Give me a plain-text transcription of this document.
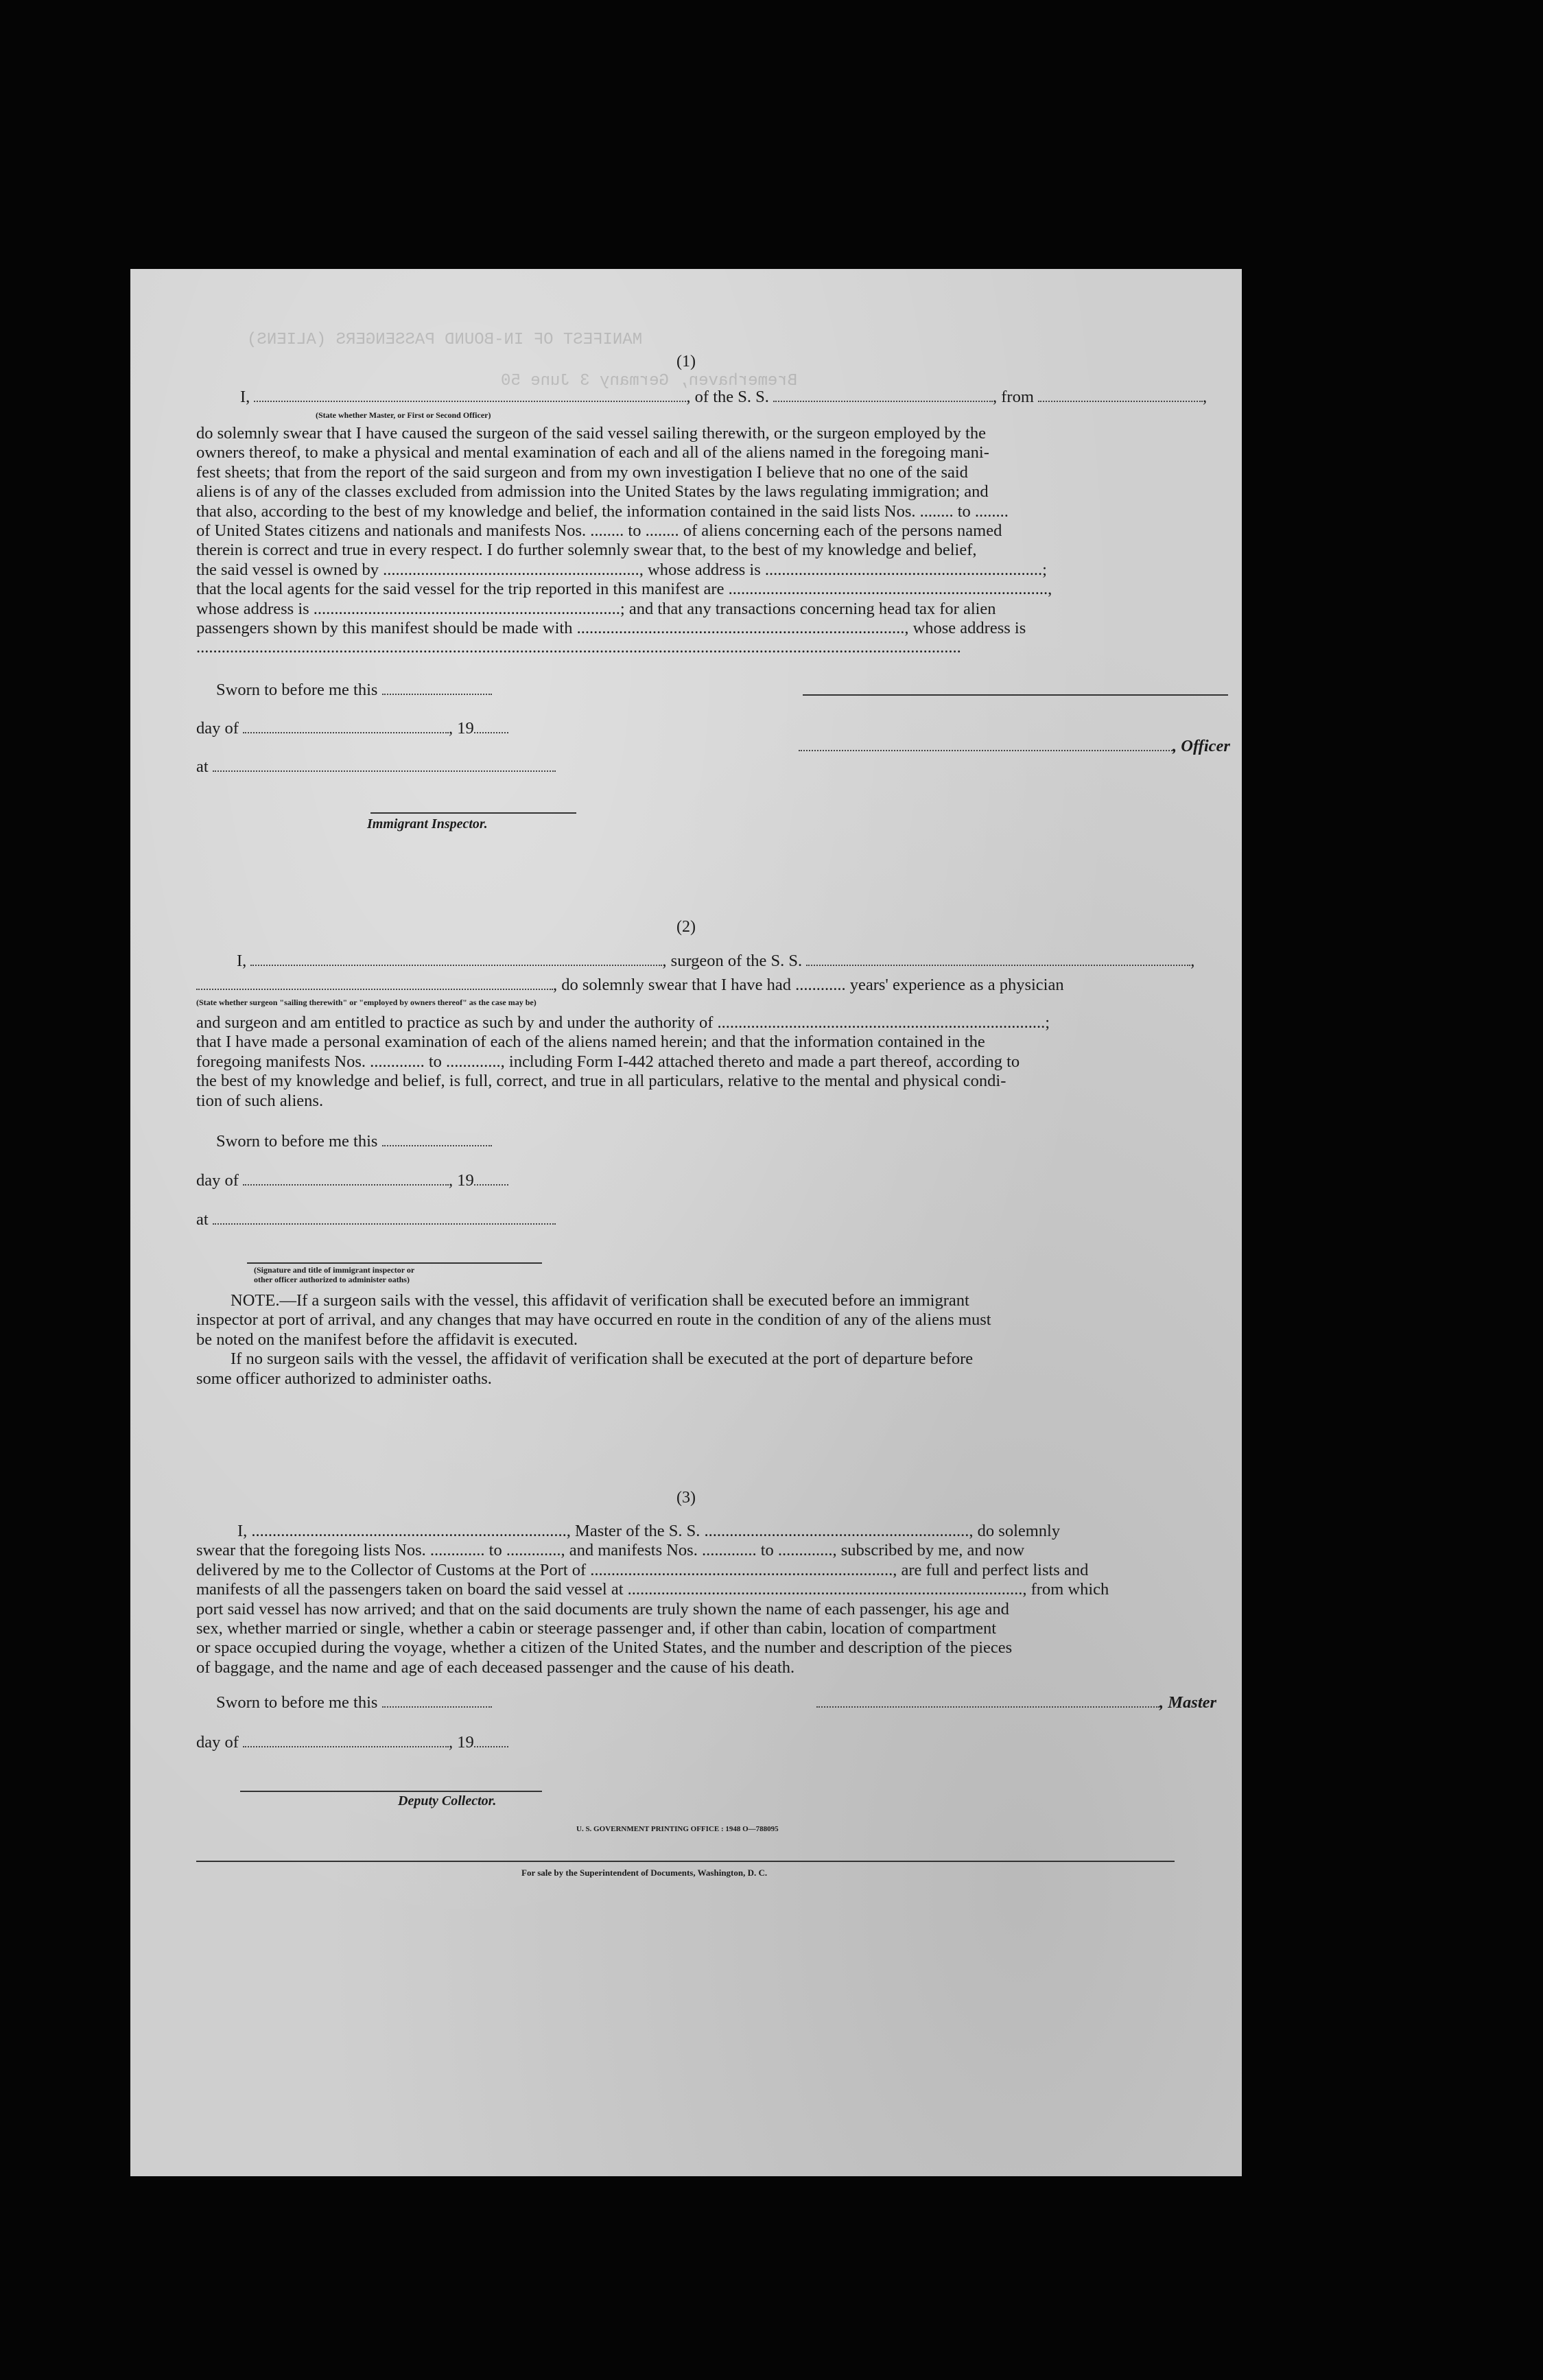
MANIFEST OF IN-BOUND PASSENGERS (ALIENS)
Bremerhaven, Germany 3 June 50
(1)
I,	, of the S. S.	, from	,
(State whether Master, or First or Second Officer)
do solemnly swear that I have caused the surgeon of the said vessel sailing therewith, or the surgeon employed by the
owners thereof, to make a physical and mental examination of each and all of the aliens named in the foregoing mani-
fest sheets; that from the report of the said surgeon and from my own investigation I believe that no one of the said
aliens is of any of the classes excluded from admission into the United States by the laws regulating immigration; and
that also, according to the best of my knowledge and belief, the information contained in the said lists Nos. ........ to ........
of United States citizens and nationals and manifests Nos. ........ to ........ of aliens concerning each of the persons named
therein is correct and true in every respect. I do further solemnly swear that, to the best of my knowledge and belief,
the said vessel is owned by ............................................................., whose address is ..................................................................;
that the local agents for the said vessel for the trip reported in this manifest are ............................................................................,
whose address is .........................................................................; and that any transactions concerning head tax for alien
passengers shown by this manifest should be made with .............................................................................., whose address is
......................................................................................................................................................................................
Sworn to before me this
day of	, 19
at
Immigrant Inspector.
, Officer
(2)
I,	, surgeon of the S. S.	,
, do solemnly swear that I have had ............ years' experience as a physician
(State whether surgeon "sailing therewith" or "employed by owners thereof" as the case may be)
and surgeon and am entitled to practice as such by and under the authority of ..............................................................................;
that I have made a personal examination of each of the aliens named herein; and that the information contained in the
foregoing manifests Nos. ............. to ............., including Form I-442 attached thereto and made a part thereof, according to
the best of my knowledge and belief, is full, correct, and true in all particulars, relative to the mental and physical condi-
tion of such aliens.
Sworn to before me this
day of	, 19
at
(Signature and title of immigrant inspector or
other officer authorized to administer oaths)
NOTE.—If a surgeon sails with the vessel, this affidavit of verification shall be executed before an immigrant
inspector at port of arrival, and any changes that may have occurred en route in the condition of any of the aliens must
be noted on the manifest before the affidavit is executed.
If no surgeon sails with the vessel, the affidavit of verification shall be executed at the port of departure before
some officer authorized to administer oaths.
(3)
I, ..........................................................................., Master of the S. S. ..............................................................., do solemnly
swear that the foregoing lists Nos. ............. to ............., and manifests Nos. ............. to ............., subscribed by me, and now
delivered by me to the Collector of Customs at the Port of ........................................................................, are full and perfect lists and
manifests of all the passengers taken on board the said vessel at .............................................................................................., from which
port said vessel has now arrived; and that on the said documents are truly shown the name of each passenger, his age and
sex, whether married or single, whether a cabin or steerage passenger and, if other than cabin, location of compartment
or space occupied during the voyage, whether a citizen of the United States, and the number and description of the pieces
of baggage, and the name and age of each deceased passenger and the cause of his death.
Sworn to before me this
day of	, 19
Deputy Collector.
, Master
U. S. GOVERNMENT PRINTING OFFICE : 1948 O—788095
For sale by the Superintendent of Documents, Washington, D. C.
